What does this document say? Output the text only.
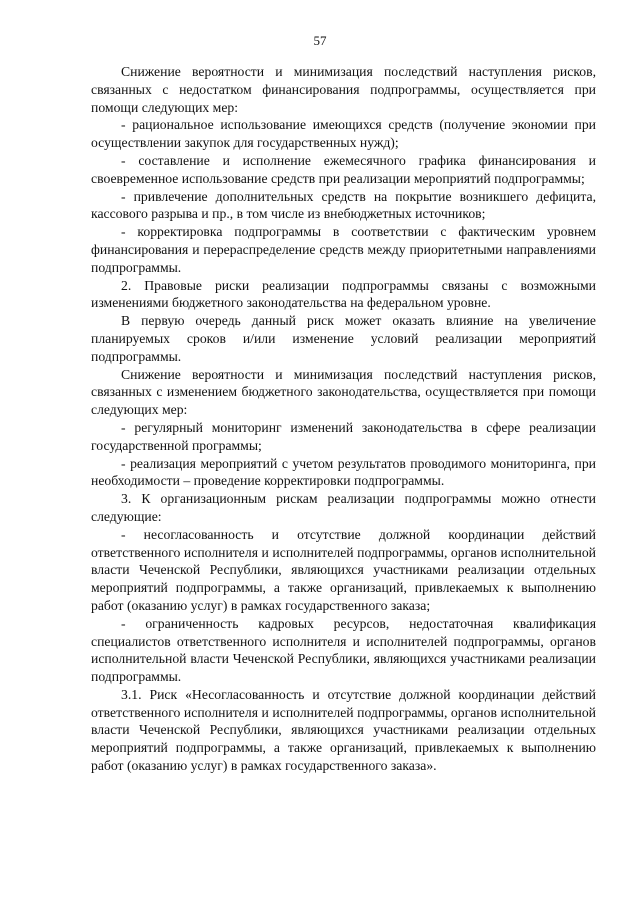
57

Снижение вероятности и минимизация последствий наступления рисков, связанных с недостатком финансирования подпрограммы, осуществляется при помощи следующих мер:

- рациональное использование имеющихся средств (получение экономии при осуществлении закупок для государственных нужд);

- составление и исполнение ежемесячного графика финансирования и своевременное использование средств при реализации мероприятий подпрограммы;

- привлечение дополнительных средств на покрытие возникшего дефицита, кассового разрыва и пр., в том числе из внебюджетных источников;

- корректировка подпрограммы в соответствии с фактическим уровнем финансирования и перераспределение средств между приоритетными направлениями подпрограммы.

2. Правовые риски реализации подпрограммы связаны с возможными изменениями бюджетного законодательства на федеральном уровне.

В первую очередь данный риск может оказать влияние на увеличение планируемых сроков и/или изменение условий реализации мероприятий подпрограммы.

Снижение вероятности и минимизация последствий наступления рисков, связанных с изменением бюджетного законодательства, осуществляется при помощи следующих мер:

- регулярный мониторинг изменений законодательства в сфере реализации государственной программы;

- реализация мероприятий с учетом результатов проводимого мониторинга, при необходимости – проведение корректировки подпрограммы.

3. К организационным рискам реализации подпрограммы можно отнести следующие:

- несогласованность и отсутствие должной координации действий ответственного исполнителя и исполнителей подпрограммы, органов исполнительной власти Чеченской Республики, являющихся участниками реализации отдельных мероприятий подпрограммы, а также организаций, привлекаемых к выполнению работ (оказанию услуг) в рамках государственного заказа;

- ограниченность кадровых ресурсов, недостаточная квалификация специалистов ответственного исполнителя и исполнителей подпрограммы, органов исполнительной власти Чеченской Республики, являющихся участниками реализации подпрограммы.

3.1. Риск «Несогласованность и отсутствие должной координации действий ответственного исполнителя и исполнителей подпрограммы, органов исполнительной власти Чеченской Республики, являющихся участниками реализации отдельных мероприятий подпрограммы, а также организаций, привлекаемых к выполнению работ (оказанию услуг) в рамках государственного заказа».
